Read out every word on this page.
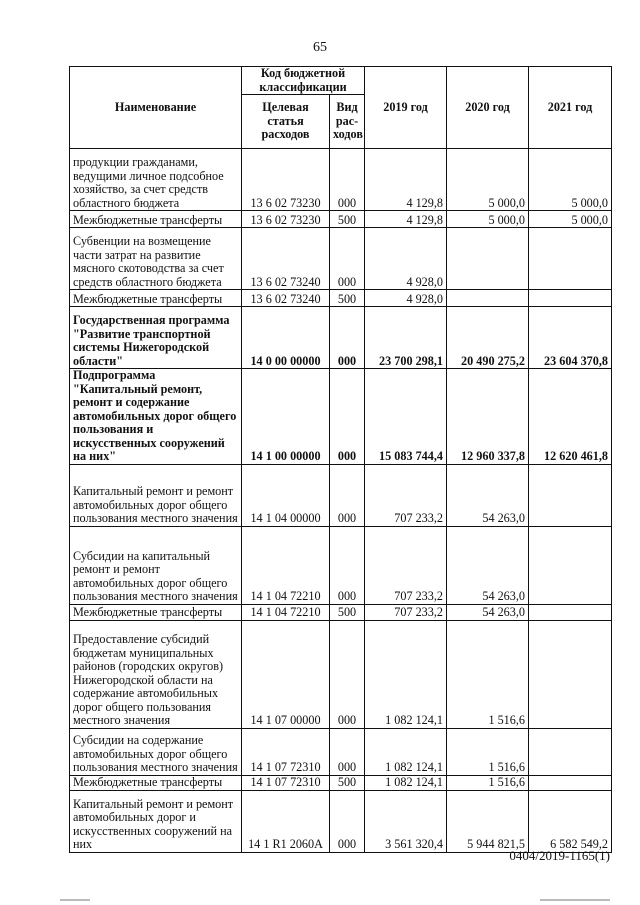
65
Наименование	Код бюджетной классификации		2019 год	2020 год	2021 год
	Целевая статья расходов	Вид рас-ходов			
продукции гражданами, ведущими личное подсобное хозяйство, за счет средств областного бюджета	13 6 02 73230	000	4 129,8	5 000,0	5 000,0
Межбюджетные трансферты	13 6 02 73230	500	4 129,8	5 000,0	5 000,0
Субвенции на возмещение части затрат на развитие мясного скотоводства за счет средств областного бюджета	13 6 02 73240	000	4 928,0		
Межбюджетные трансферты	13 6 02 73240	500	4 928,0		
Государственная программа "Развитие транспортной системы Нижегородской области"	14 0 00 00000	000	23 700 298,1	20 490 275,2	23 604 370,8
Подпрограмма "Капитальный ремонт, ремонт и содержание автомобильных дорог общего пользования и искусственных сооружений на них"	14 1 00 00000	000	15 083 744,4	12 960 337,8	12 620 461,8
Капитальный ремонт и ремонт автомобильных дорог общего пользования местного значения	14 1 04 00000	000	707 233,2	54 263,0	
Субсидии на капитальный ремонт и ремонт автомобильных дорог общего пользования местного значения	14 1 04 72210	000	707 233,2	54 263,0	
Межбюджетные трансферты	14 1 04 72210	500	707 233,2	54 263,0	
Предоставление субсидий бюджетам муниципальных районов (городских округов) Нижегородской области на содержание автомобильных дорог общего пользования местного значения	14 1 07 00000	000	1 082 124,1	1 516,6	
Субсидии на содержание автомобильных дорог общего пользования местного значения	14 1 07 72310	000	1 082 124,1	1 516,6	
Межбюджетные трансферты	14 1 07 72310	500	1 082 124,1	1 516,6	
Капитальный ремонт и ремонт автомобильных дорог и искусственных сооружений на них	14 1 R1 2060A	000	3 561 320,4	5 944 821,5	6 582 549,2
0404/2019-1165(1)
